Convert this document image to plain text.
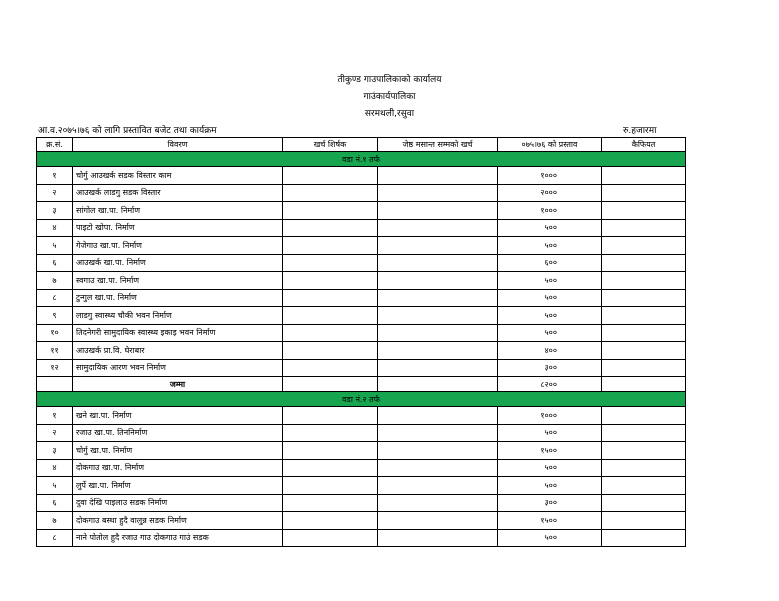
तीकुण्ड गाउपालिकाको कार्यालय
गाउंकार्यपालिका
सरमथली,रसुवा
आ.व.२०७५।७६ को लागि प्रस्तावित बजेट तथा कार्यक्रम	रु.हजारमा
क्र.सं.	विवरण	खर्च शिर्षक	जेष्ठ मसान्त सम्मको खर्च	०७५।७६ को प्रस्ताव	कैफियत
वडा नं.१ तर्फ					
१	चोर्गु आउखर्क सडक विस्तार काम			१०००	
२	आउखर्क लाडगु सडक विस्तार			२०००	
३	सांगोल खा.पा. निर्माण			१०००	
४	पाइटो खोपा. निर्माण			५००	
५	गेजेगाउ खा.पा. निर्माण			५००	
६	आउखर्क खा.पा. निर्माण			६००	
७	स्वगाउ खा.पा. निर्माण			५००	
८	टुन्गुल खा.पा. निर्माण			५००	
९	लाडगु स्वास्थ्य चौकी भवन निर्माण			५००	
१०	तिदनेगरी सामुदायिक स्वास्थ्य इकाइ भवन निर्माण			५००	
११	आउखर्क प्रा.वि. घेराबार			४००	
१२	सामुदायिक आरण भवन निर्माण			३००	
	जम्मा			८२००	
वडा नं.२ तर्फ					
१	खने खा.पा. निर्माण			१०००	
२	रजाउ खा.पा. तिननिर्माण			५००	
३	चोर्गु खा.पा. निर्माण			१५००	
४	दोकगाउ खा.पा. निर्माण			५००	
५	लुर्पे खा.पा. निर्माण			५००	
६	दुवा देखि पाइलाउ सडक निर्माण			३००	
७	दोकगाउ बस्था हुदै वालु्न्न सडक निर्माण			१५००	
८	नाने पोतोल हुदै रजाउ गाउ दोकगाउ गाउं सडक			५००	
